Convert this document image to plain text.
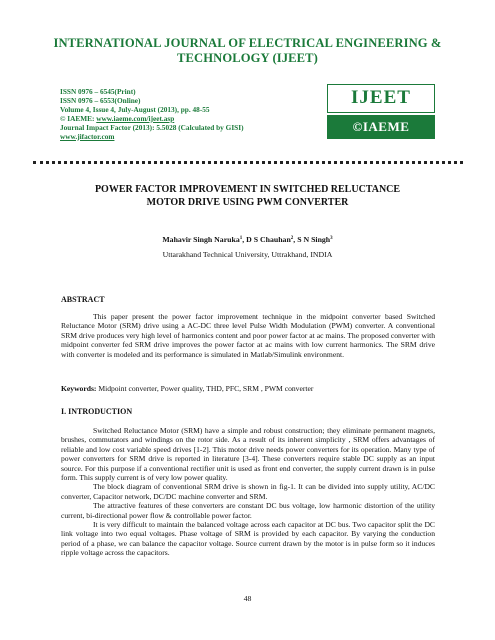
INTERNATIONAL JOURNAL OF ELECTRICAL ENGINEERING &
TECHNOLOGY (IJEET)
ISSN 0976 – 6545(Print)
ISSN 0976 – 6553(Online)
Volume 4, Issue 4, July-August (2013), pp. 48-55
© IAEME: www.iaeme.com/ijeet.asp
Journal Impact Factor (2013): 5.5028 (Calculated by GISI)
www.jifactor.com
IJEET
©IAEME
POWER FACTOR IMPROVEMENT IN SWITCHED RELUCTANCE
MOTOR DRIVE USING PWM CONVERTER
Mahavir Singh Naruka$^1$, D S Chauhan$^2$, S N Singh$^3$
Uttarakhand Technical University, Uttrakhand, INDIA
ABSTRACT
This paper present the power factor improvement technique in the midpoint converter based Switched Reluctance Motor (SRM) drive using a AC-DC three level Pulse Width Modulation (PWM) converter. A conventional SRM drive produces very high level of harmonics content and poor power factor at ac mains. The proposed converter with midpoint converter fed SRM drive improves the power factor at ac mains with low current harmonics. The SRM drive with converter is modeled and its performance is simulated in Matlab/Simulink environment.
Keywords: Midpoint converter, Power quality, THD, PFC, SRM , PWM converter
I. INTRODUCTION

Switched Reluctance Motor (SRM) have a simple and robust construction; they eliminate permanent magnets, brushes, commutators and windings on the rotor side. As a result of its inherent simplicity , SRM offers advantages of reliable and low cost variable speed drives [1-2]. This motor drive needs power converters for its operation. Many type of power converters for SRM drive is reported in literature [3-4]. These converters require stable DC supply as an input source. For this purpose if a conventional rectifier unit is used as front end converter, the supply current drawn is in pulse form. This supply current is of very low power quality.

The block diagram of conventional SRM drive is shown in fig-1. It can be divided into supply utility, AC/DC converter, Capacitor network, DC/DC machine converter and SRM.

The attractive features of these converters are constant DC bus voltage, low harmonic distortion of the utility current, bi-directional power flow & controllable power factor.

It is very difficult to maintain the balanced voltage across each capacitor at DC bus. Two capacitor split the DC link voltage into two equal voltages. Phase voltage of SRM is provided by each capacitor. By varying the conduction period of a phase, we can balance the capacitor voltage. Source current drawn by the motor is in pulse form so it induces ripple voltage across the capacitors.

48
